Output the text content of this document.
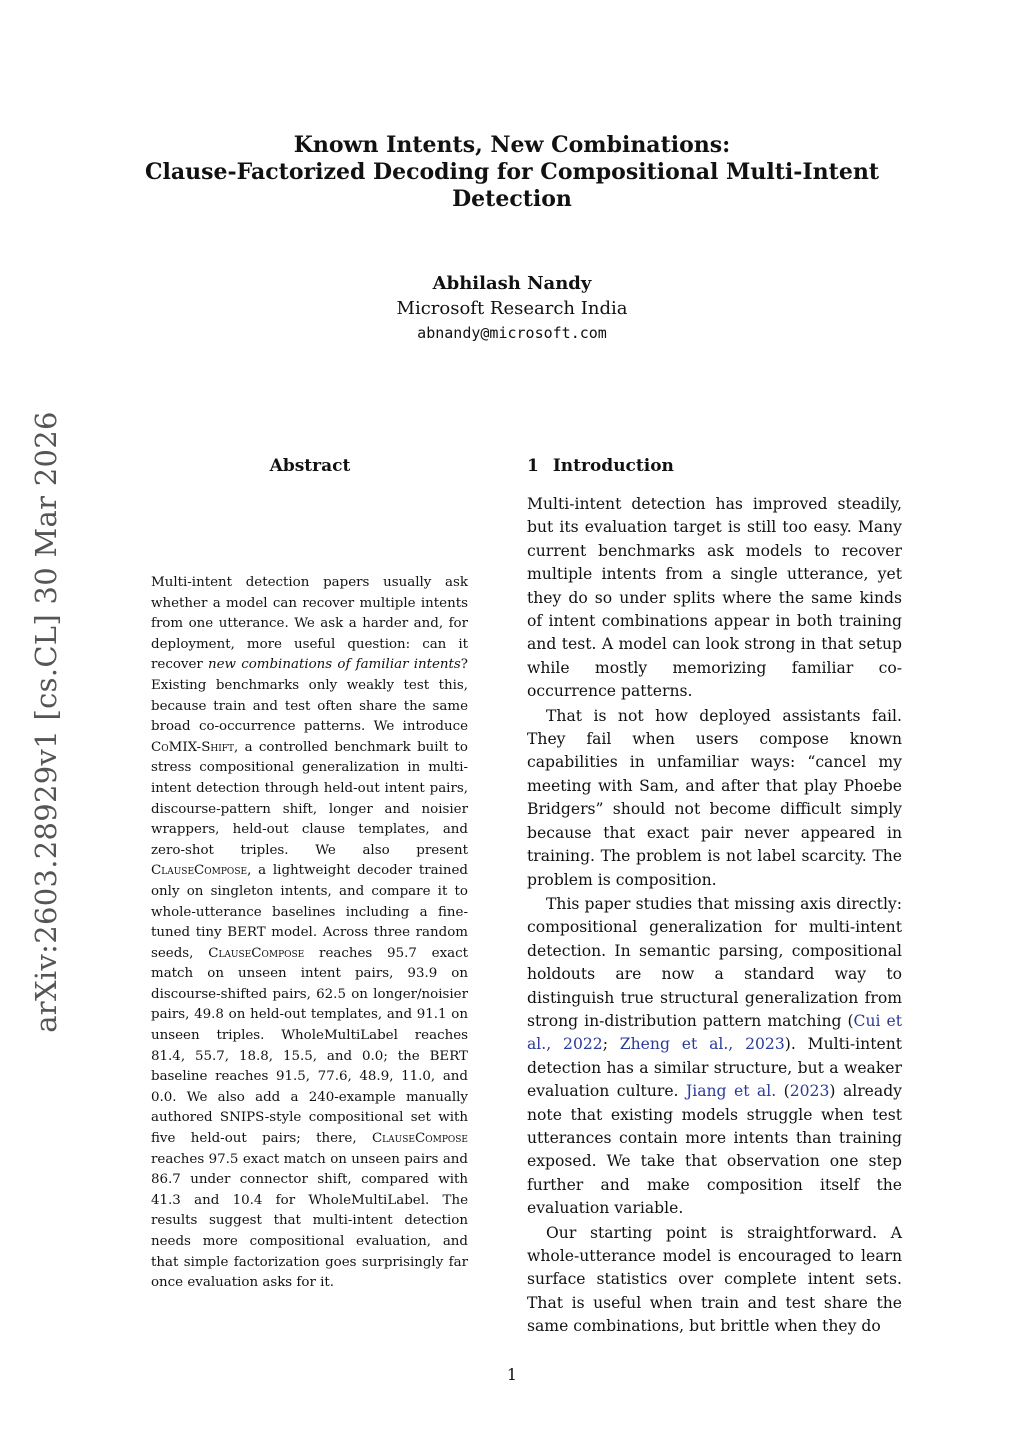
Known Intents, New Combinations:
Clause-Factorized Decoding for Compositional Multi-Intent
Detection
Abhilash Nandy
Microsoft Research India
abnandy@microsoft.com
arXiv:2603.28929v1 [cs.CL] 30 Mar 2026	Abstract
Multi-intent detection papers usually ask whether a model can recover multiple intents from one utterance. We ask a harder and, for deployment, more useful question: can it recover new combinations of familiar intents? Existing benchmarks only weakly test this, because train and test often share the same broad co-occurrence patterns. We introduce CoMIX-Shift, a controlled benchmark built to stress compositional generalization in multi-intent detection through held-out intent pairs, discourse-pattern shift, longer and noisier wrappers, held-out clause templates, and zero-shot triples. We also present ClauseCompose, a lightweight decoder trained only on singleton intents, and compare it to whole-utterance baselines including a fine-tuned tiny BERT model. Across three random seeds, ClauseCompose reaches 95.7 exact match on unseen intent pairs, 93.9 on discourse-shifted pairs, 62.5 on longer/noisier pairs, 49.8 on held-out templates, and 91.1 on unseen triples. WholeMultiLabel reaches 81.4, 55.7, 18.8, 15.5, and 0.0; the BERT baseline reaches 91.5, 77.6, 48.9, 11.0, and 0.0. We also add a 240-example manually authored SNIPS-style compositional set with five held-out pairs; there, ClauseCompose reaches 97.5 exact match on unseen pairs and 86.7 under connector shift, compared with 41.3 and 10.4 for WholeMultiLabel. The results suggest that multi-intent detection needs more compositional evaluation, and that simple factorization goes surprisingly far once evaluation asks for it.
1 Introduction

Multi-intent detection has improved steadily, but its evaluation target is still too easy. Many current benchmarks ask models to recover multiple intents from a single utterance, yet they do so under splits where the same kinds of intent combinations appear in both training and test. A model can look strong in that setup while mostly memorizing familiar co-occurrence patterns.

That is not how deployed assistants fail. They fail when users compose known capabilities in unfamiliar ways: “cancel my meeting with Sam, and after that play Phoebe Bridgers” should not become difficult simply because that exact pair never appeared in training. The problem is not label scarcity. The problem is composition.

This paper studies that missing axis directly: compositional generalization for multi-intent detection. In semantic parsing, compositional holdouts are now a standard way to distinguish true structural generalization from strong in-distribution pattern matching (Cui et al., 2022; Zheng et al., 2023). Multi-intent detection has a similar structure, but a weaker evaluation culture. Jiang et al. (2023) already note that existing models struggle when test utterances contain more intents than training exposed. We take that observation one step further and make composition itself the evaluation variable.

Our starting point is straightforward. A whole-utterance model is encouraged to learn surface statistics over complete intent sets. That is useful when train and test share the same combinations, but brittle when they do

1
